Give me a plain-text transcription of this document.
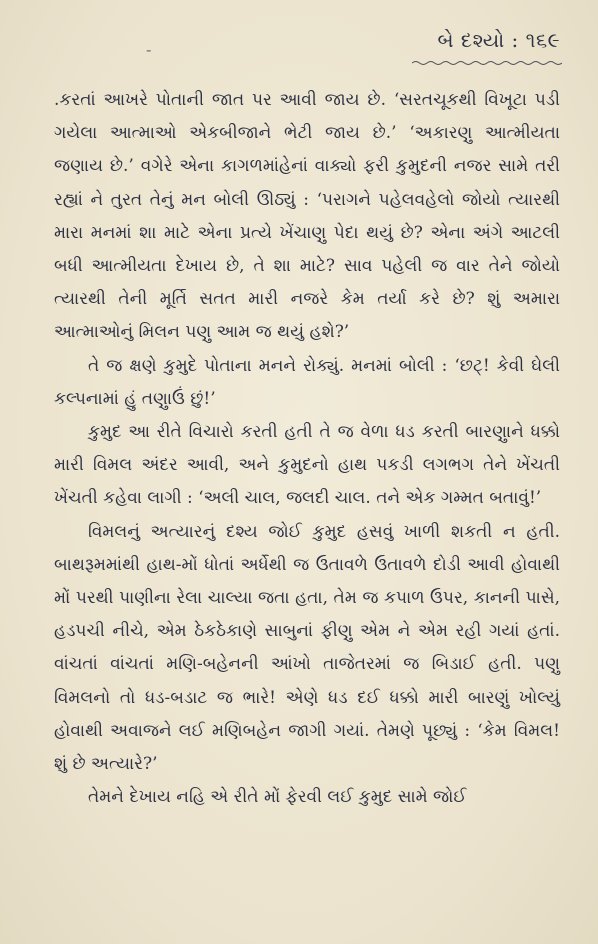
-	બે દશ્યો : ૧૬૯

.કરતાં આખરે પોતાની જાત પર આવી જાય છે. ‘સરતચૂકથી વિખૂટા પડી ગયેલા આત્માઓ એકબીજાને ભેટી જાય છે.’ ‘અકારણુ આત્મીયતા જણાય છે.’ વગેરે એના કાગળમાંહેનાં વાક્યો ફરી કુમુદની નજર સામે તરી રહ્યાં ને તુરત તેનું મન બોલી ઊઠ્યું : ‘પરાગને પહેલવહેલો જોયો ત્યારથી મારા મનમાં શા માટે એના પ્રત્યે ખેંચાણુ પેદા થયું છે? એના અંગે આટલી બધી આત્મીયતા દેખાય છે, તે શા માટે? સાવ પહેલી જ વાર તેને જોયો ત્યારથી તેની મૂર્તિ સતત મારી નજરે કેમ તર્યા કરે છે? શું અમારા આત્માઓનું મિલન પણુ આમ જ થયું હશે?’

તે જ ક્ષણે કુમુદે પોતાના મનને રોક્યું. મનમાં બોલી : ‘છટ્! કેવી ઘેલી કલ્પનામાં હું તણુાઉં છું!’

કુમુદ આ રીતે વિચારો કરતી હતી તે જ વેળા ધડ કરતી બારણુાને ધક્કો મારી વિમલ અંદર આવી, અને કુમુદનો હાથ પકડી લગભગ તેને ખેંચતી ખેંચતી કહેવા લાગી : ‘અલી ચાલ, જલદી ચાલ. તને એક ગમ્મત બતાવું!’

વિમલનું અત્યારનું દશ્ય જોઈ કુમુદ હસવું ખાળી શકતી ન હતી. બાથરૂમમાંથી હાથ-મોં ધોતાં અર્ધેથી જ ઉતાવળે ઉતાવળે દોડી આવી હોવાથી મોં પરથી પાણીના રેલા ચાલ્યા જતા હતા, તેમ જ કપાળ ઉપર, કાનની પાસે, હડપચી નીચે, એમ ઠેકઠેકાણે સાબુનાં ફીણુ એમ ને એમ રહી ગયાં હતાં. વાંચતાં વાંચતાં મણિ-બહેનની આંખો તાજેતરમાં જ બિડાઈ હતી. પણુ વિમલનો તો ધડ-બડાટ જ ભારે! એણે ધડ દઈ ધક્કો મારી બારણું ખોલ્યું હોવાથી અવાજને લઈ મણિબહેન જાગી ગયાં. તેમણે પૂછ્યું : ‘કેમ વિમલ! શું છે અત્યારે?’

તેમને દેખાય નહિ એ રીતે મોં ફેરવી લઈ કુમુદ સામે જોઈ
